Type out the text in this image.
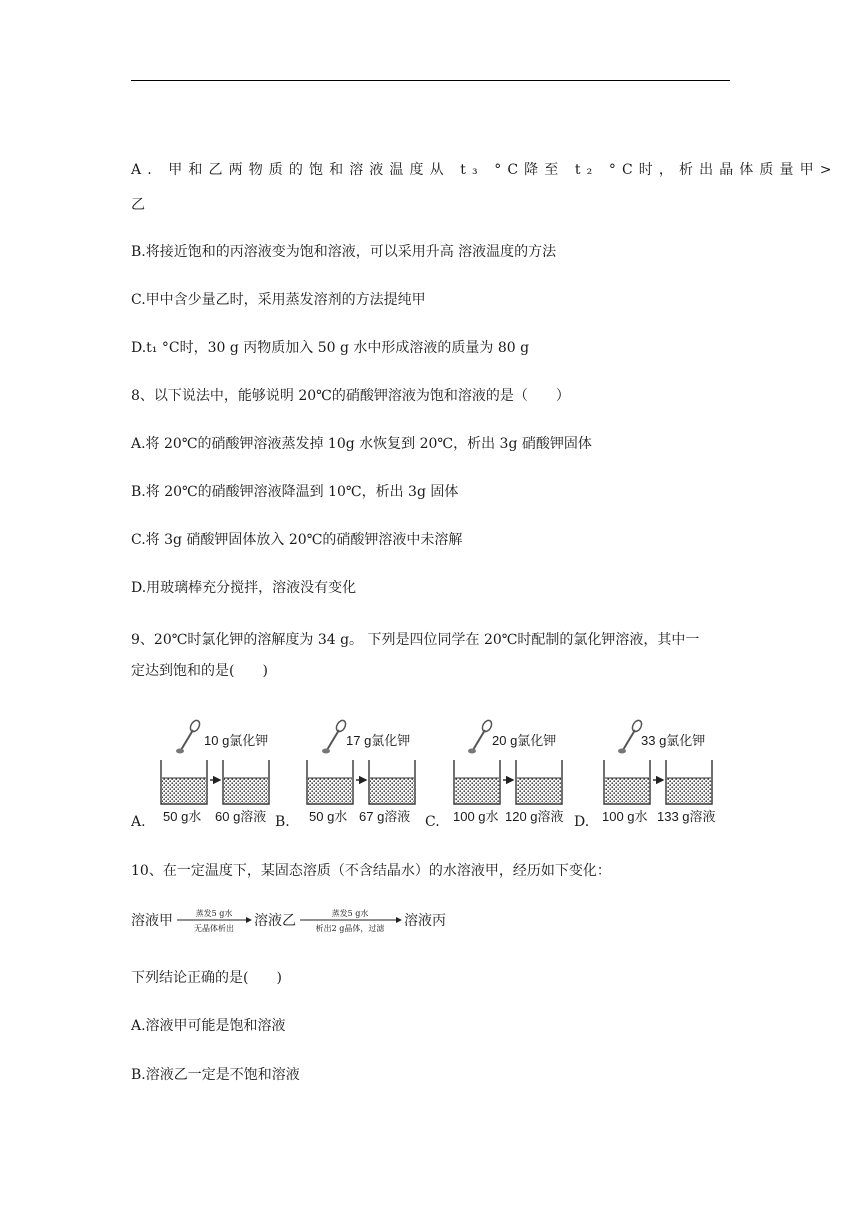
A. 甲和乙两物质的饱和溶液温度从 t₃ °C降至 t₂ °C时，析出晶体质量甲>
乙
B.将接近饱和的丙溶液变为饱和溶液，可以采用升高 溶液温度的方法
C.甲中含少量乙时，采用蒸发溶剂的方法提纯甲
D.t₁ °C时，30 g 丙物质加入 50 g 水中形成溶液的质量为 80 g
8、以下说法中，能够说明 20℃的硝酸钾溶液为饱和溶液的是（　　）
A.将 20℃的硝酸钾溶液蒸发掉 10g 水恢复到 20℃，析出 3g 硝酸钾固体
B.将 20℃的硝酸钾溶液降温到 10℃，析出 3g 固体
C.将 3g 硝酸钾固体放入 20℃的硝酸钾溶液中未溶解
D.用玻璃棒充分搅拌，溶液没有变化
9、20℃时氯化钾的溶解度为 34 g。 下列是四位同学在 20℃时配制的氯化钾溶液，其中一
定达到饱和的是(　　)
A.
10 g氯化钾
50 g水 60 g溶液 B.
17 g氯化钾
50 g水 67 g溶液 C.
20 g氯化钾
100 g水 120 g溶液 D.
33 g氯化钾
100 g水 133 g溶液
10、在一定温度下，某固态溶质（不含结晶水）的水溶液甲，经历如下变化：
溶液甲	蒸发5 g水
无晶体析出 溶液乙	蒸发5 g水
析出2 g晶体，过滤 溶液丙
下列结论正确的是(　　)
A.溶液甲可能是饱和溶液
B.溶液乙一定是不饱和溶液
